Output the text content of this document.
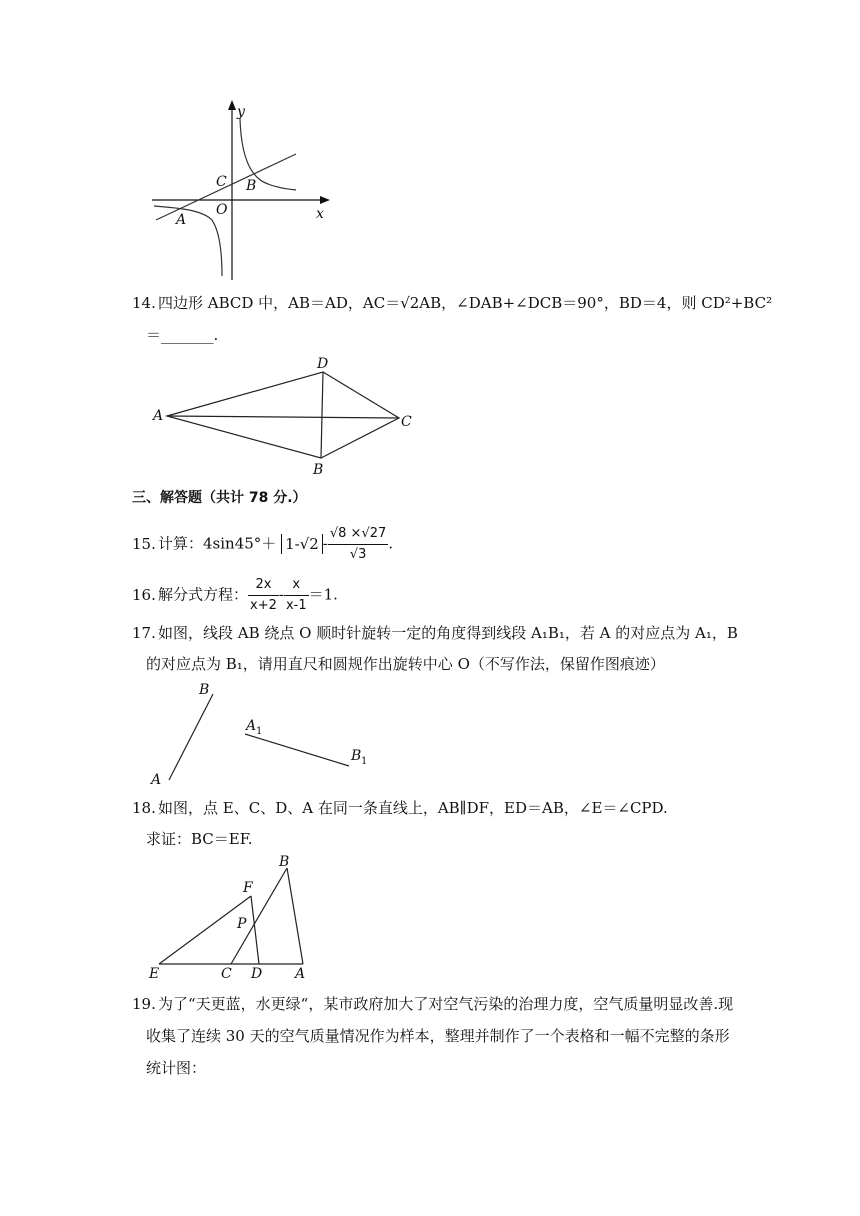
y
x
C B
O
A
14. 四边形 ABCD 中，AB＝AD，AC＝√2AB，∠DAB+∠DCB＝90°，BD＝4，则 CD²+BC²
＝_______.
A
D
C
B
三、解答题（共计 78 分.）
15. 计算：$4\sin 45^\circ+ 1-√2 - \frac{√8 \times√27}{√3}$ .
16. 解分式方程： $\frac{2x}{x+2} - \frac{x}{x-1} =1$.
17. 如图，线段 AB 绕点 O 顺时针旋转一定的角度得到线段 A₁B₁，若 A 的对应点为 A₁，B
的对应点为 B₁，请用直尺和圆规作出旋转中心 O（不写作法，保留作图痕迹）
B
A
A 1
B 1
18. 如图，点 E、C、D、A 在同一条直线上，AB∥DF，ED＝AB，∠E＝∠CPD.
求证：BC＝EF.
B
F
P
E	C D A
19. 为了“天更蓝，水更绿“，某市政府加大了对空气污染的治理力度，空气质量明显改善.现
收集了连续 30 天的空气质量情况作为样本，整理并制作了一个表格和一幅不完整的条形
统计图：
